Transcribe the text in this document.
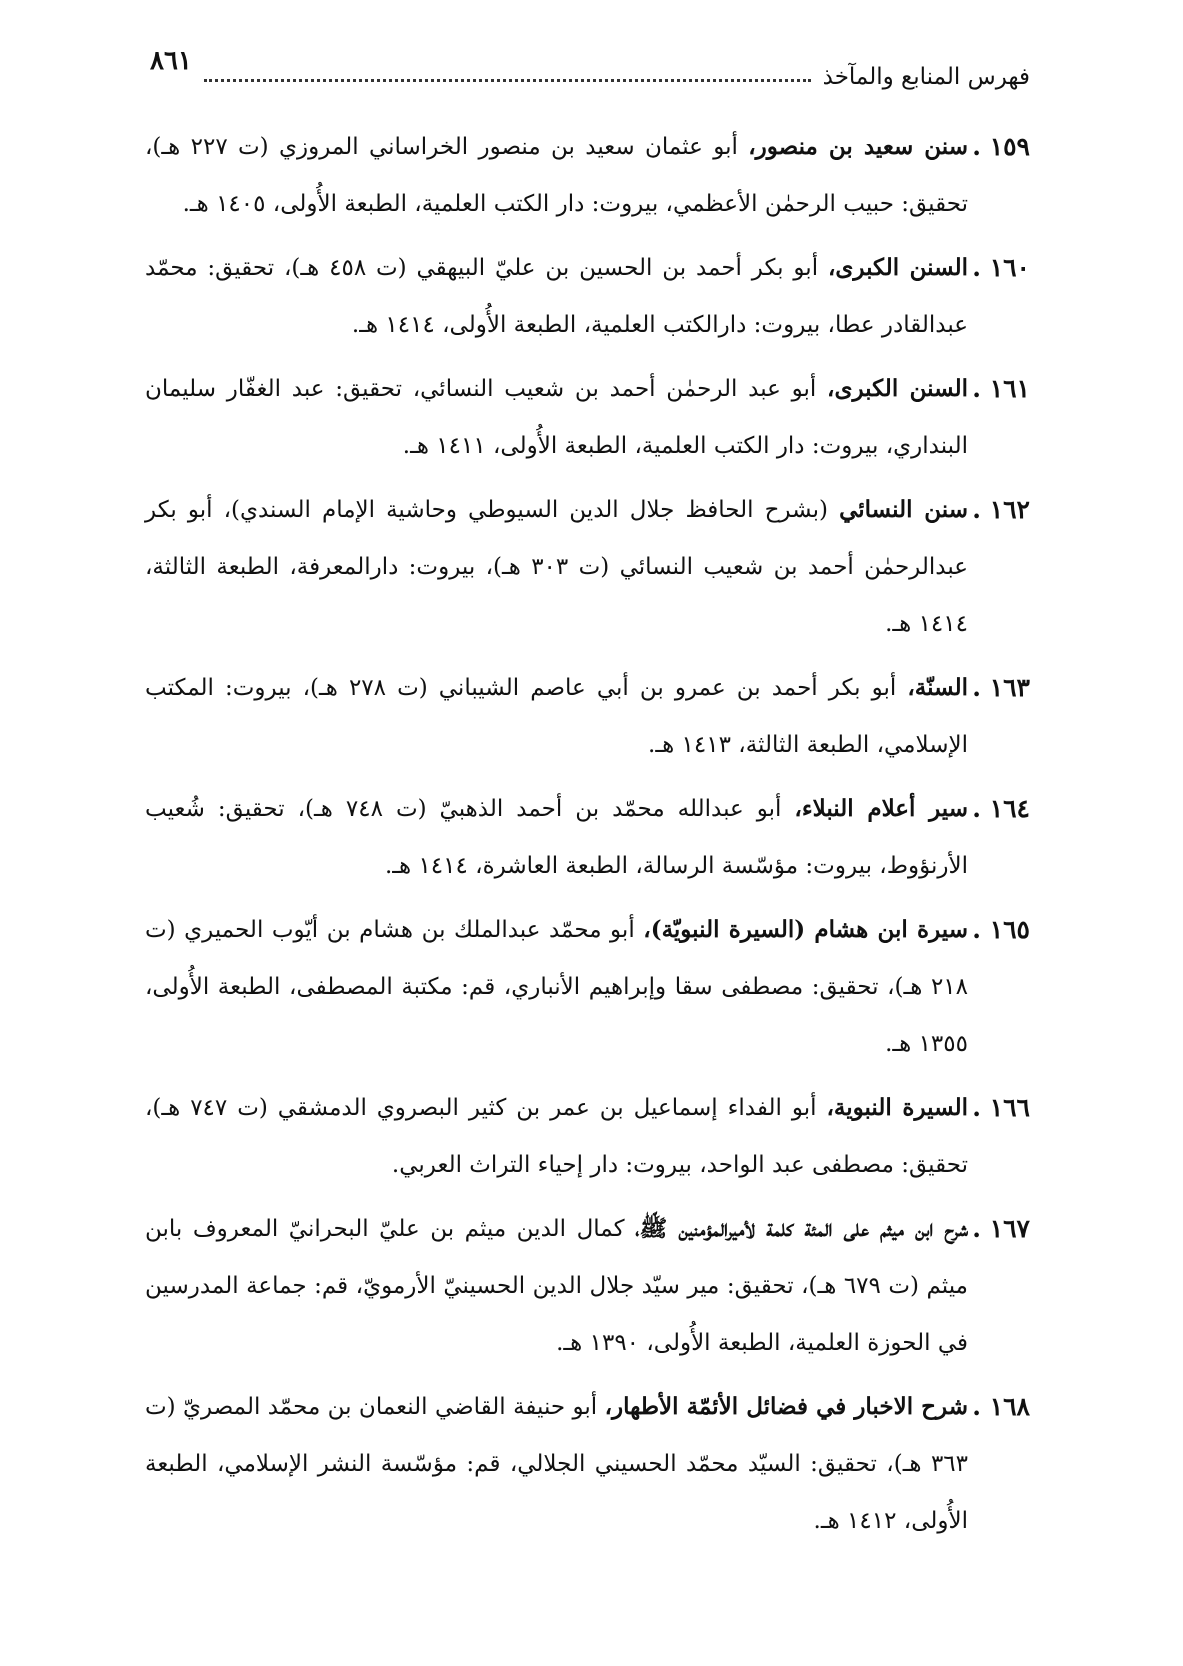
فهرس المنابع والمآخذ
٨٦١
١٥٩ .
سنن سعيد بن منصور، أبو عثمان سعيد بن منصور الخراساني المروزي (ت ٢٢٧ هـ)، تحقيق: حبيب الرحمٰن الأعظمي، بيروت: دار الكتب العلمية، الطبعة الأُولى، ١٤٠٥ هـ.
١٦٠ .
السنن الكبرى، أبو بكر أحمد بن الحسين بن عليّ البيهقي (ت ٤٥٨ هـ)، تحقيق: محمّد عبدالقادر عطا، بيروت: دارالكتب العلمية، الطبعة الأُولى، ١٤١٤ هـ.
١٦١ .
السنن الكبرى، أبو عبد الرحمٰن أحمد بن شعيب النسائي، تحقيق: عبد الغفّار سليمان البنداري، بيروت: دار الكتب العلمية، الطبعة الأُولى، ١٤١١ هـ.
١٦٢ .
سنن النسائي (بشرح الحافظ جلال الدين السيوطي وحاشية الإمام السندي)، أبو بكر عبدالرحمٰن أحمد بن شعيب النسائي (ت ٣٠٣ هـ)، بيروت: دارالمعرفة، الطبعة الثالثة، ١٤١٤ هـ.
١٦٣ .
السنّة، أبو بكر أحمد بن عمرو بن أبي عاصم الشيباني (ت ٢٧٨ هـ)، بيروت: المكتب الإسلامي، الطبعة الثالثة، ١٤١٣ هـ.
١٦٤ .
سير أعلام النبلاء، أبو عبدالله محمّد بن أحمد الذهبيّ (ت ٧٤٨ هـ)، تحقيق: شُعيب الأرنؤوط، بيروت: مؤسّسة الرسالة، الطبعة العاشرة، ١٤١٤ هـ.
١٦٥ .
سيرة ابن هشام (السيرة النبويّة)، أبو محمّد عبدالملك بن هشام بن أيّوب الحميري (ت ٢١٨ هـ)، تحقيق: مصطفى سقا وإبراهيم الأنباري، قم: مكتبة المصطفى، الطبعة الأُولى، ١٣٥٥ هـ.
١٦٦ .
السيرة النبوية، أبو الفداء إسماعيل بن عمر بن كثير البصروي الدمشقي (ت ٧٤٧ هـ)، تحقيق: مصطفى عبد الواحد، بيروت: دار إحياء التراث العربي.
١٦٧ .
شرح ابن ميثم على المئة كلمة لأميرالمؤمنين ﷺ، كمال الدين ميثم بن عليّ البحرانيّ المعروف بابن ميثم (ت ٦٧٩ هـ)، تحقيق: مير سيّد جلال الدين الحسينيّ الأرمويّ، قم: جماعة المدرسين في الحوزة العلمية، الطبعة الأُولى، ١٣٩٠ هـ.
١٦٨ .
شرح الاخبار في فضائل الأئمّة الأطهار، أبو حنيفة القاضي النعمان بن محمّد المصريّ (ت ٣٦٣ هـ)، تحقيق: السيّد محمّد الحسيني الجلالي، قم: مؤسّسة النشر الإسلامي، الطبعة الأُولى، ١٤١٢ هـ.
